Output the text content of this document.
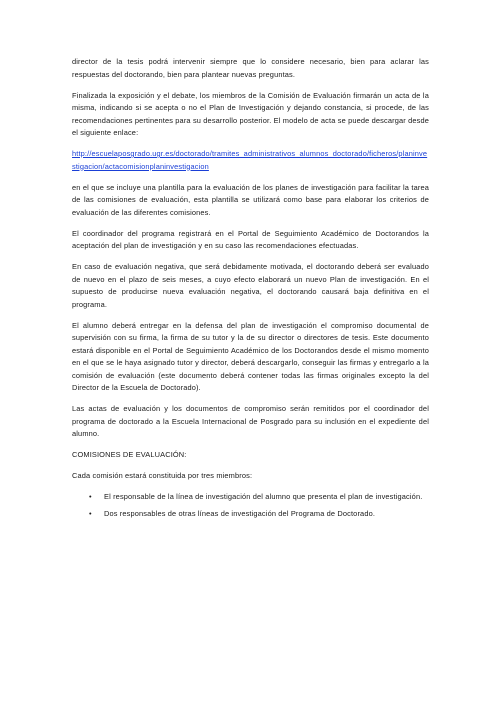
director de la tesis podrá intervenir siempre que lo considere necesario, bien para aclarar las respuestas del doctorando, bien para plantear nuevas preguntas.

Finalizada la exposición y el debate, los miembros de la Comisión de Evaluación firmarán un acta de la misma, indicando si se acepta o no el Plan de Investigación y dejando constancia, si procede, de las recomendaciones pertinentes para su desarrollo posterior. El modelo de acta se puede descargar desde el siguiente enlace:

http://escuelaposgrado.ugr.es/doctorado/tramites_administrativos_alumnos_doctorado/ficheros/planinvestigacion/actacomisionplaninvestigacion

en el que se incluye una plantilla para la evaluación de los planes de investigación para facilitar la tarea de las comisiones de evaluación, esta plantilla se utilizará como base para elaborar los criterios de evaluación de las diferentes comisiones.

El coordinador del programa registrará en el Portal de Seguimiento Académico de Doctorandos la aceptación del plan de investigación y en su caso las recomendaciones efectuadas.

En caso de evaluación negativa, que será debidamente motivada, el doctorando deberá ser evaluado de nuevo en el plazo de seis meses, a cuyo efecto elaborará un nuevo Plan de investigación. En el supuesto de producirse nueva evaluación negativa, el doctorando causará baja definitiva en el programa.

El alumno deberá entregar en la defensa del plan de investigación el compromiso documental de supervisión con su firma, la firma de su tutor y la de su director o directores de tesis. Este documento estará disponible en el Portal de Seguimiento Académico de los Doctorandos desde el mismo momento en el que se le haya asignado tutor y director, deberá descargarlo, conseguir las firmas y entregarlo a la comisión de evaluación (este documento deberá contener todas las firmas originales excepto la del Director de la Escuela de Doctorado).

Las actas de evaluación y los documentos de compromiso serán remitidos por el coordinador del programa de doctorado a la Escuela Internacional de Posgrado para su inclusión en el expediente del alumno.

COMISIONES DE EVALUACIÓN:

Cada comisión estará constituida por tres miembros:

• El responsable de la línea de investigación del alumno que presenta el plan de investigación.
• Dos responsables de otras líneas de investigación del Programa de Doctorado.
